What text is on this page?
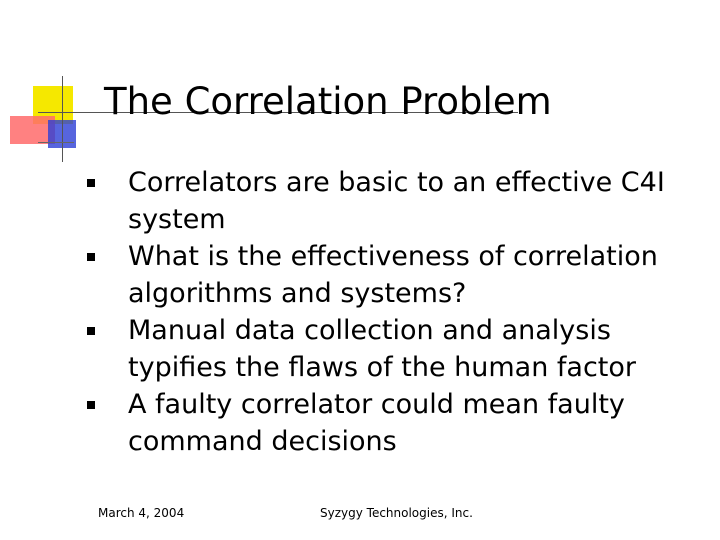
The Correlation Problem
Correlators are basic to an effective C4I system
What is the effectiveness of correlation algorithms and systems?
Manual data collection and analysis typifies the flaws of the human factor
A faulty correlator could mean faulty command decisions
March 4, 2004	Syzygy Technologies, Inc.
